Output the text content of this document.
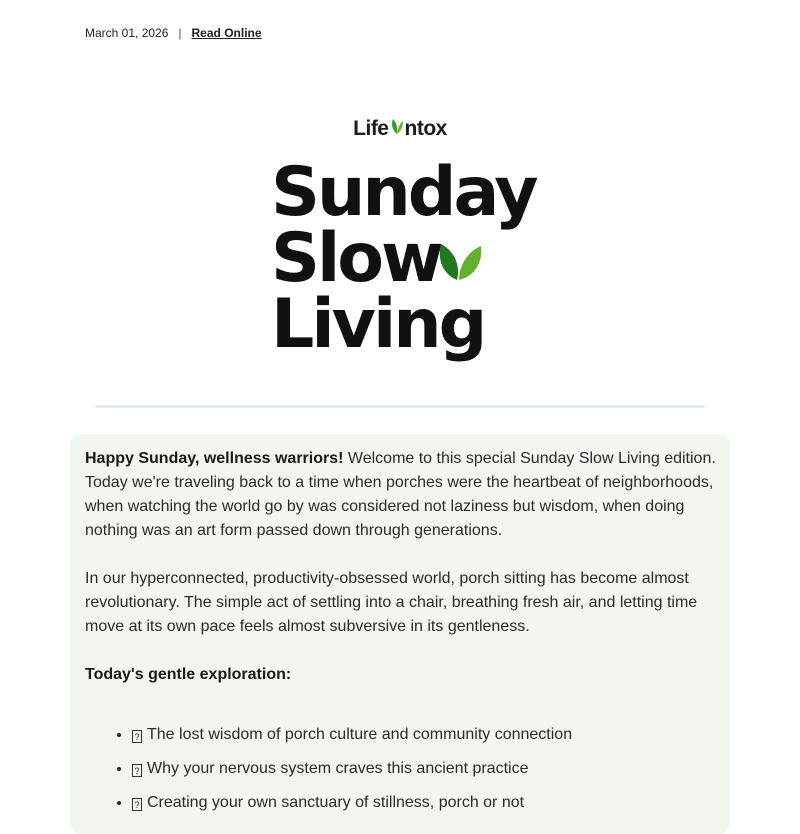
March 01, 2026 | Read Online
Life ntox
Sunday
Slow
Living

Happy Sunday, wellness warriors! Welcome to this special Sunday Slow Living edition. Today we're traveling back to a time when porches were the heartbeat of neighborhoods, when watching the world go by was considered not laziness but wisdom, when doing nothing was an art form passed down through generations.

In our hyperconnected, productivity-obsessed world, porch sitting has become almost revolutionary. The simple act of settling into a chair, breathing fresh air, and letting time move at its own pace feels almost subversive in its gentleness.

Today's gentle exploration:
• ? The lost wisdom of porch culture and community connection
• ? Why your nervous system craves this ancient practice
• ? Creating your own sanctuary of stillness, porch or not
